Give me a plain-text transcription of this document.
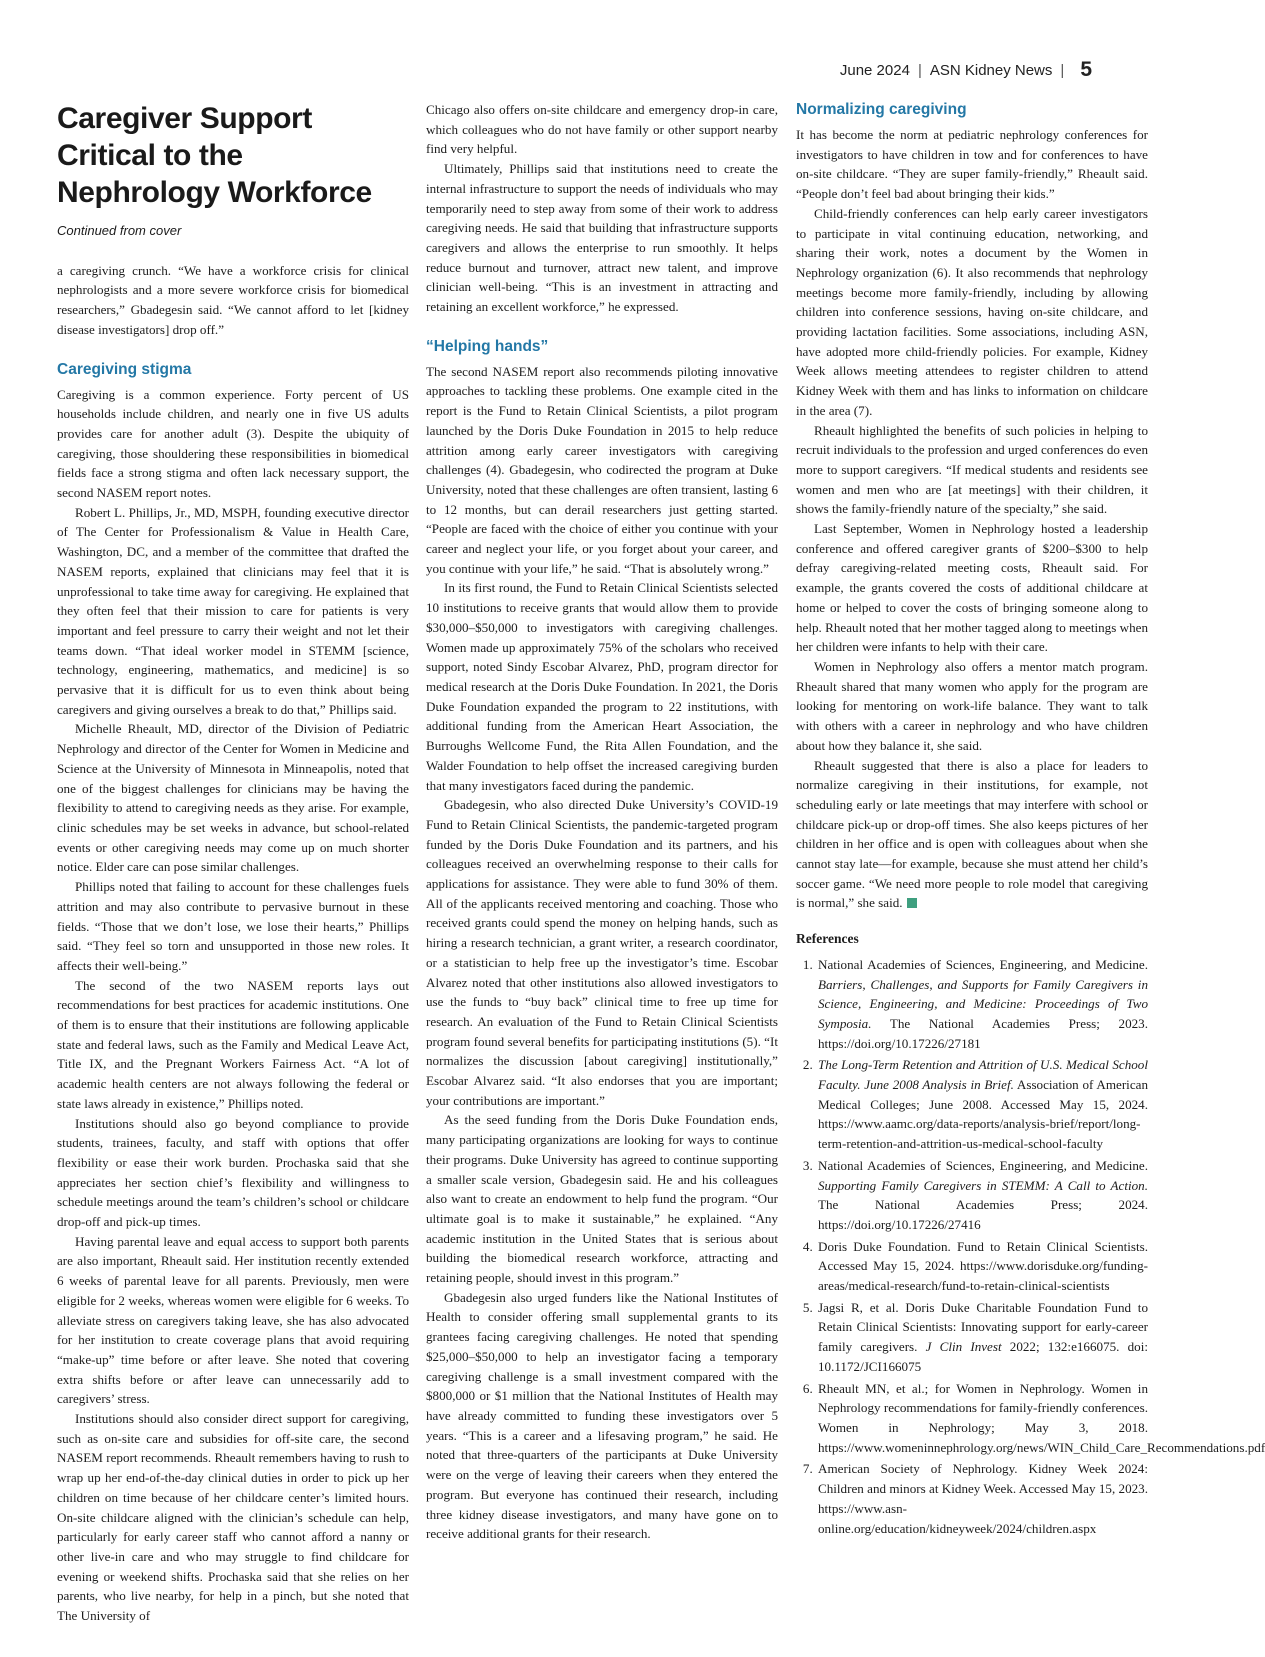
June 2024 | ASN Kidney News | 5
Caregiver Support Critical to the Nephrology Workforce
Continued from cover

a caregiving crunch. “We have a workforce crisis for clinical nephrologists and a more severe workforce crisis for biomedical researchers,” Gbadegesin said. “We cannot afford to let [kidney disease investigators] drop off.”

Caregiving stigma

Caregiving is a common experience. Forty percent of US households include children, and nearly one in five US adults provides care for another adult (3). Despite the ubiquity of caregiving, those shouldering these responsibilities in biomedical fields face a strong stigma and often lack necessary support, the second NASEM report notes.

Robert L. Phillips, Jr., MD, MSPH, founding executive director of The Center for Professionalism & Value in Health Care, Washington, DC, and a member of the committee that drafted the NASEM reports, explained that clinicians may feel that it is unprofessional to take time away for caregiving. He explained that they often feel that their mission to care for patients is very important and feel pressure to carry their weight and not let their teams down. “That ideal worker model in STEMM [science, technology, engineering, mathematics, and medicine] is so pervasive that it is difficult for us to even think about being caregivers and giving ourselves a break to do that,” Phillips said.

Michelle Rheault, MD, director of the Division of Pediatric Nephrology and director of the Center for Women in Medicine and Science at the University of Minnesota in Minneapolis, noted that one of the biggest challenges for clinicians may be having the flexibility to attend to caregiving needs as they arise. For example, clinic schedules may be set weeks in advance, but school-related events or other caregiving needs may come up on much shorter notice. Elder care can pose similar challenges.

Phillips noted that failing to account for these challenges fuels attrition and may also contribute to pervasive burnout in these fields. “Those that we don’t lose, we lose their hearts,” Phillips said. “They feel so torn and unsupported in those new roles. It affects their well-being.”

The second of the two NASEM reports lays out recommendations for best practices for academic institutions. One of them is to ensure that their institutions are following applicable state and federal laws, such as the Family and Medical Leave Act, Title IX, and the Pregnant Workers Fairness Act. “A lot of academic health centers are not always following the federal or state laws already in existence,” Phillips noted.

Institutions should also go beyond compliance to provide students, trainees, faculty, and staff with options that offer flexibility or ease their work burden. Prochaska said that she appreciates her section chief’s flexibility and willingness to schedule meetings around the team’s children’s school or childcare drop-off and pick-up times.

Having parental leave and equal access to support both parents are also important, Rheault said. Her institution recently extended 6 weeks of parental leave for all parents. Previously, men were eligible for 2 weeks, whereas women were eligible for 6 weeks. To alleviate stress on caregivers taking leave, she has also advocated for her institution to create coverage plans that avoid requiring “make-up” time before or after leave. She noted that covering extra shifts before or after leave can unnecessarily add to caregivers’ stress.

Institutions should also consider direct support for caregiving, such as on-site care and subsidies for off-site care, the second NASEM report recommends. Rheault remembers having to rush to wrap up her end-of-the-day clinical duties in order to pick up her children on time because of her childcare center’s limited hours. On-site childcare aligned with the clinician’s schedule can help, particularly for early career staff who cannot afford a nanny or other live-in care and who may struggle to find childcare for evening or weekend shifts. Prochaska said that she relies on her parents, who live nearby, for help in a pinch, but she noted that The University of

Chicago also offers on-site childcare and emergency drop-in care, which colleagues who do not have family or other support nearby find very helpful.

Ultimately, Phillips said that institutions need to create the internal infrastructure to support the needs of individuals who may temporarily need to step away from some of their work to address caregiving needs. He said that building that infrastructure supports caregivers and allows the enterprise to run smoothly. It helps reduce burnout and turnover, attract new talent, and improve clinician well-being. “This is an investment in attracting and retaining an excellent workforce,” he expressed.

“Helping hands”

The second NASEM report also recommends piloting innovative approaches to tackling these problems. One example cited in the report is the Fund to Retain Clinical Scientists, a pilot program launched by the Doris Duke Foundation in 2015 to help reduce attrition among early career investigators with caregiving challenges (4). Gbadegesin, who codirected the program at Duke University, noted that these challenges are often transient, lasting 6 to 12 months, but can derail researchers just getting started. “People are faced with the choice of either you continue with your career and neglect your life, or you forget about your career, and you continue with your life,” he said. “That is absolutely wrong.”

In its first round, the Fund to Retain Clinical Scientists selected 10 institutions to receive grants that would allow them to provide $30,000–$50,000 to investigators with caregiving challenges. Women made up approximately 75% of the scholars who received support, noted Sindy Escobar Alvarez, PhD, program director for medical research at the Doris Duke Foundation. In 2021, the Doris Duke Foundation expanded the program to 22 institutions, with additional funding from the American Heart Association, the Burroughs Wellcome Fund, the Rita Allen Foundation, and the Walder Foundation to help offset the increased caregiving burden that many investigators faced during the pandemic.

Gbadegesin, who also directed Duke University’s COVID-19 Fund to Retain Clinical Scientists, the pandemic-targeted program funded by the Doris Duke Foundation and its partners, and his colleagues received an overwhelming response to their calls for applications for assistance. They were able to fund 30% of them. All of the applicants received mentoring and coaching. Those who received grants could spend the money on helping hands, such as hiring a research technician, a grant writer, a research coordinator, or a statistician to help free up the investigator’s time. Escobar Alvarez noted that other institutions also allowed investigators to use the funds to “buy back” clinical time to free up time for research. An evaluation of the Fund to Retain Clinical Scientists program found several benefits for participating institutions (5). “It normalizes the discussion [about caregiving] institutionally,” Escobar Alvarez said. “It also endorses that you are important; your contributions are important.”

As the seed funding from the Doris Duke Foundation ends, many participating organizations are looking for ways to continue their programs. Duke University has agreed to continue supporting a smaller scale version, Gbadegesin said. He and his colleagues also want to create an endowment to help fund the program. “Our ultimate goal is to make it sustainable,” he explained. “Any academic institution in the United States that is serious about building the biomedical research workforce, attracting and retaining people, should invest in this program.”

Gbadegesin also urged funders like the National Institutes of Health to consider offering small supplemental grants to its grantees facing caregiving challenges. He noted that spending $25,000–$50,000 to help an investigator facing a temporary caregiving challenge is a small investment compared with the $800,000 or $1 million that the National Institutes of Health may have already committed to funding these investigators over 5 years. “This is a career and a lifesaving program,” he said. He noted that three-quarters of the participants at Duke University were on the verge of leaving their careers when they entered the program. But everyone has continued their research, including three kidney disease investigators, and many have gone on to receive additional grants for their research.

Normalizing caregiving

It has become the norm at pediatric nephrology conferences for investigators to have children in tow and for conferences to have on-site childcare. “They are super family-friendly,” Rheault said. “People don’t feel bad about bringing their kids.”

Child-friendly conferences can help early career investigators to participate in vital continuing education, networking, and sharing their work, notes a document by the Women in Nephrology organization (6). It also recommends that nephrology meetings become more family-friendly, including by allowing children into conference sessions, having on-site childcare, and providing lactation facilities. Some associations, including ASN, have adopted more child-friendly policies. For example, Kidney Week allows meeting attendees to register children to attend Kidney Week with them and has links to information on childcare in the area (7).

Rheault highlighted the benefits of such policies in helping to recruit individuals to the profession and urged conferences do even more to support caregivers. “If medical students and residents see women and men who are [at meetings] with their children, it shows the family-friendly nature of the specialty,” she said.

Last September, Women in Nephrology hosted a leadership conference and offered caregiver grants of $200–$300 to help defray caregiving-related meeting costs, Rheault said. For example, the grants covered the costs of additional childcare at home or helped to cover the costs of bringing someone along to help. Rheault noted that her mother tagged along to meetings when her children were infants to help with their care.

Women in Nephrology also offers a mentor match program. Rheault shared that many women who apply for the program are looking for mentoring on work-life balance. They want to talk with others with a career in nephrology and who have children about how they balance it, she said.

Rheault suggested that there is also a place for leaders to normalize caregiving in their institutions, for example, not scheduling early or late meetings that may interfere with school or childcare pick-up or drop-off times. She also keeps pictures of her children in her office and is open with colleagues about when she cannot stay late—for example, because she must attend her child’s soccer game. “We need more people to role model that caregiving is normal,” she said.

References
1. National Academies of Sciences, Engineering, and Medicine. Barriers, Challenges, and Supports for Family Caregivers in Science, Engineering, and Medicine: Proceedings of Two Symposia. The National Academies Press; 2023. https://doi.org/10.17226/27181
2. The Long-Term Retention and Attrition of U.S. Medical School Faculty. June 2008 Analysis in Brief. Association of American Medical Colleges; June 2008. Accessed May 15, 2024. https://www.aamc.org/data-reports/analysis-brief/report/long-term-retention-and-attrition-us-medical-school-faculty
3. National Academies of Sciences, Engineering, and Medicine. Supporting Family Caregivers in STEMM: A Call to Action. The National Academies Press; 2024. https://doi.org/10.17226/27416
4. Doris Duke Foundation. Fund to Retain Clinical Scientists. Accessed May 15, 2024. https://www.dorisduke.org/funding-areas/medical-research/fund-to-retain-clinical-scientists
5. Jagsi R, et al. Doris Duke Charitable Foundation Fund to Retain Clinical Scientists: Innovating support for early-career family caregivers. J Clin Invest 2022; 132:e166075. doi: 10.1172/JCI166075
6. Rheault MN, et al.; for Women in Nephrology. Women in Nephrology recommendations for family-friendly conferences. Women in Nephrology; May 3, 2018. https://www.womeninnephrology.org/news/WIN_Child_Care_Recommendations.pdf
7. American Society of Nephrology. Kidney Week 2024: Children and minors at Kidney Week. Accessed May 15, 2023. https://www.asn-online.org/education/kidneyweek/2024/children.aspx
